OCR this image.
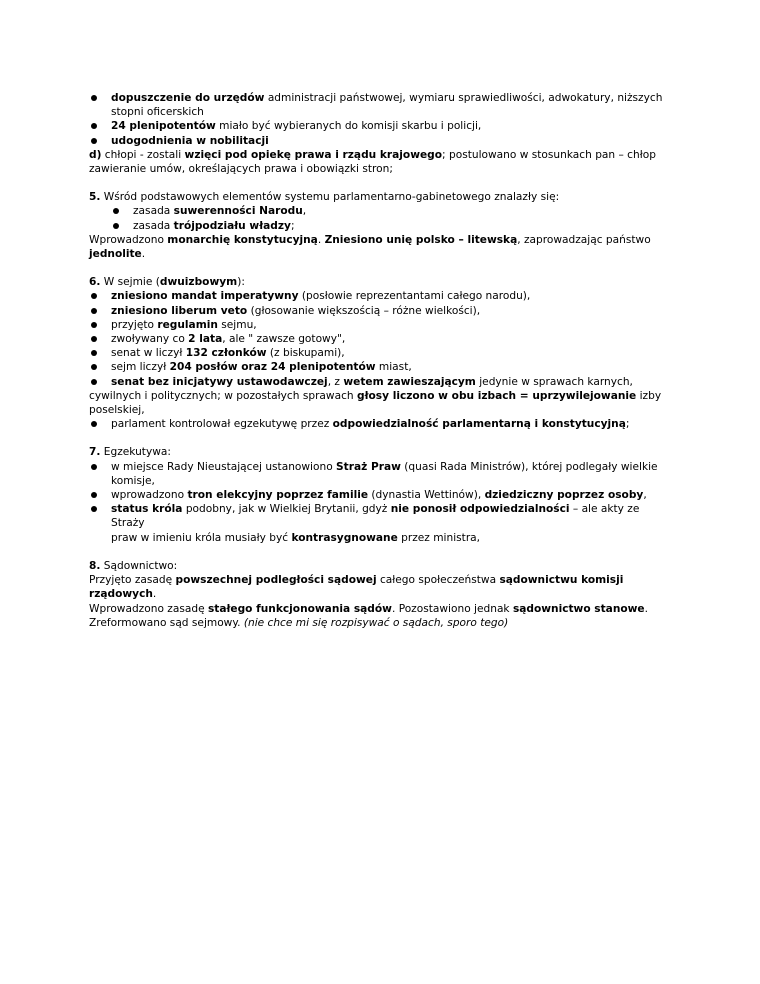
dopuszczenie do urzędów administracji państwowej, wymiaru sprawiedliwości, adwokatury, niższych
stopni oficerskich
24 plenipotentów miało być wybieranych do komisji skarbu i policji,
udogodnienia w nobilitacji

d) chłopi - zostali wzięci pod opiekę prawa i rządu krajowego; postulowano w stosunkach pan – chłop
zawieranie umów, określających prawa i obowiązki stron;

5. Wśród podstawowych elementów systemu parlamentarno-gabinetowego znalazły się:

zasada suwerenności Narodu,
zasada trójpodziału władzy;

Wprowadzono monarchię konstytucyjną. Zniesiono unię polsko – litewską, zaprowadzając państwo
jednolite.

6. W sejmie (dwuizbowym):

zniesiono mandat imperatywny (posłowie reprezentantami całego narodu),
zniesiono liberum veto (głosowanie większością – różne wielkości),
przyjęto regulamin sejmu,
zwoływany co 2 lata, ale " zawsze gotowy",
senat w liczył 132 członków (z biskupami),
sejm liczył 204 posłów oraz 24 plenipotentów miast,
senat bez inicjatywy ustawodawczej, z wetem zawieszającym jedynie w sprawach karnych,
cywilnych i politycznych; w pozostałych sprawach głosy liczono w obu izbach = uprzywilejowanie izby
poselskiej,
parlament kontrolował egzekutywę przez odpowiedzialność parlamentarną i konstytucyjną;

7. Egzekutywa:

w miejsce Rady Nieustającej ustanowiono Straż Praw (quasi Rada Ministrów), której podlegały wielkie
komisje,
wprowadzono tron elekcyjny poprzez familie (dynastia Wettinów), dziedziczny poprzez osoby,
status króla podobny, jak w Wielkiej Brytanii, gdyż nie ponosił odpowiedzialności – ale akty ze Straży
praw w imieniu króla musiały być kontrasygnowane przez ministra,

8. Sądownictwo:

Przyjęto zasadę powszechnej podległości sądowej całego społeczeństwa sądownictwu komisji rządowych.
Wprowadzono zasadę stałego funkcjonowania sądów. Pozostawiono jednak sądownictwo stanowe.
Zreformowano sąd sejmowy. (nie chce mi się rozpisywać o sądach, sporo tego)
